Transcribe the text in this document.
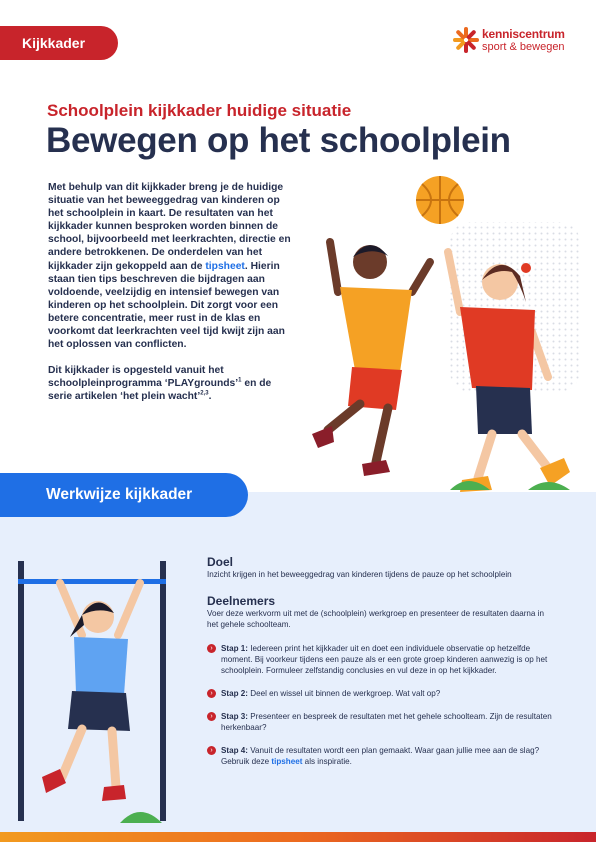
Kijkkader
kenniscentrum
sport & bewegen
Schoolplein kijkkader huidige situatie
Bewegen op het schoolplein

Met behulp van dit kijkkader breng je de huidige situatie van het beweeggedrag van kinderen op het schoolplein in kaart. De resultaten van het kijkkader kunnen besproken worden binnen de school, bijvoorbeeld met leerkrachten, directie en andere betrokkenen. De onderdelen van het kijkkader zijn gekoppeld aan de tipsheet. Hierin staan tien tips beschreven die bijdragen aan voldoende, veelzijdig en intensief bewegen van kinderen op het schoolplein. Dit zorgt voor een betere concentratie, meer rust in de klas en voorkomt dat leerkrachten veel tijd kwijt zijn aan het oplossen van conflicten.

Dit kijkkader is opgesteld vanuit het schoolpleinprogramma ‘PLAYgrounds’$^1$ en de serie artikelen ‘het plein wacht’$^{2,3}$.

Werkwijze kijkkader
Doel
Inzicht krijgen in het beweeggedrag van kinderen tijdens de pauze op het schoolplein
Deelnemers
Voer deze werkvorm uit met de (schoolplein) werkgroep en presenteer de resultaten daarna in het gehele schoolteam.
›	Stap 1: Iedereen print het kijkkader uit en doet een individuele observatie op hetzelfde moment. Bij voorkeur tijdens een pauze als er een grote groep kinderen aanwezig is op het schoolplein. Formuleer zelfstandig conclusies en vul deze in op het kijkkader.
›	Stap 2: Deel en wissel uit binnen de werkgroep. Wat valt op?
›	Stap 3: Presenteer en bespreek de resultaten met het gehele schoolteam. Zijn de resultaten herkenbaar?
›	Stap 4: Vanuit de resultaten wordt een plan gemaakt. Waar gaan jullie mee aan de slag? Gebruik deze tipsheet als inspiratie.
